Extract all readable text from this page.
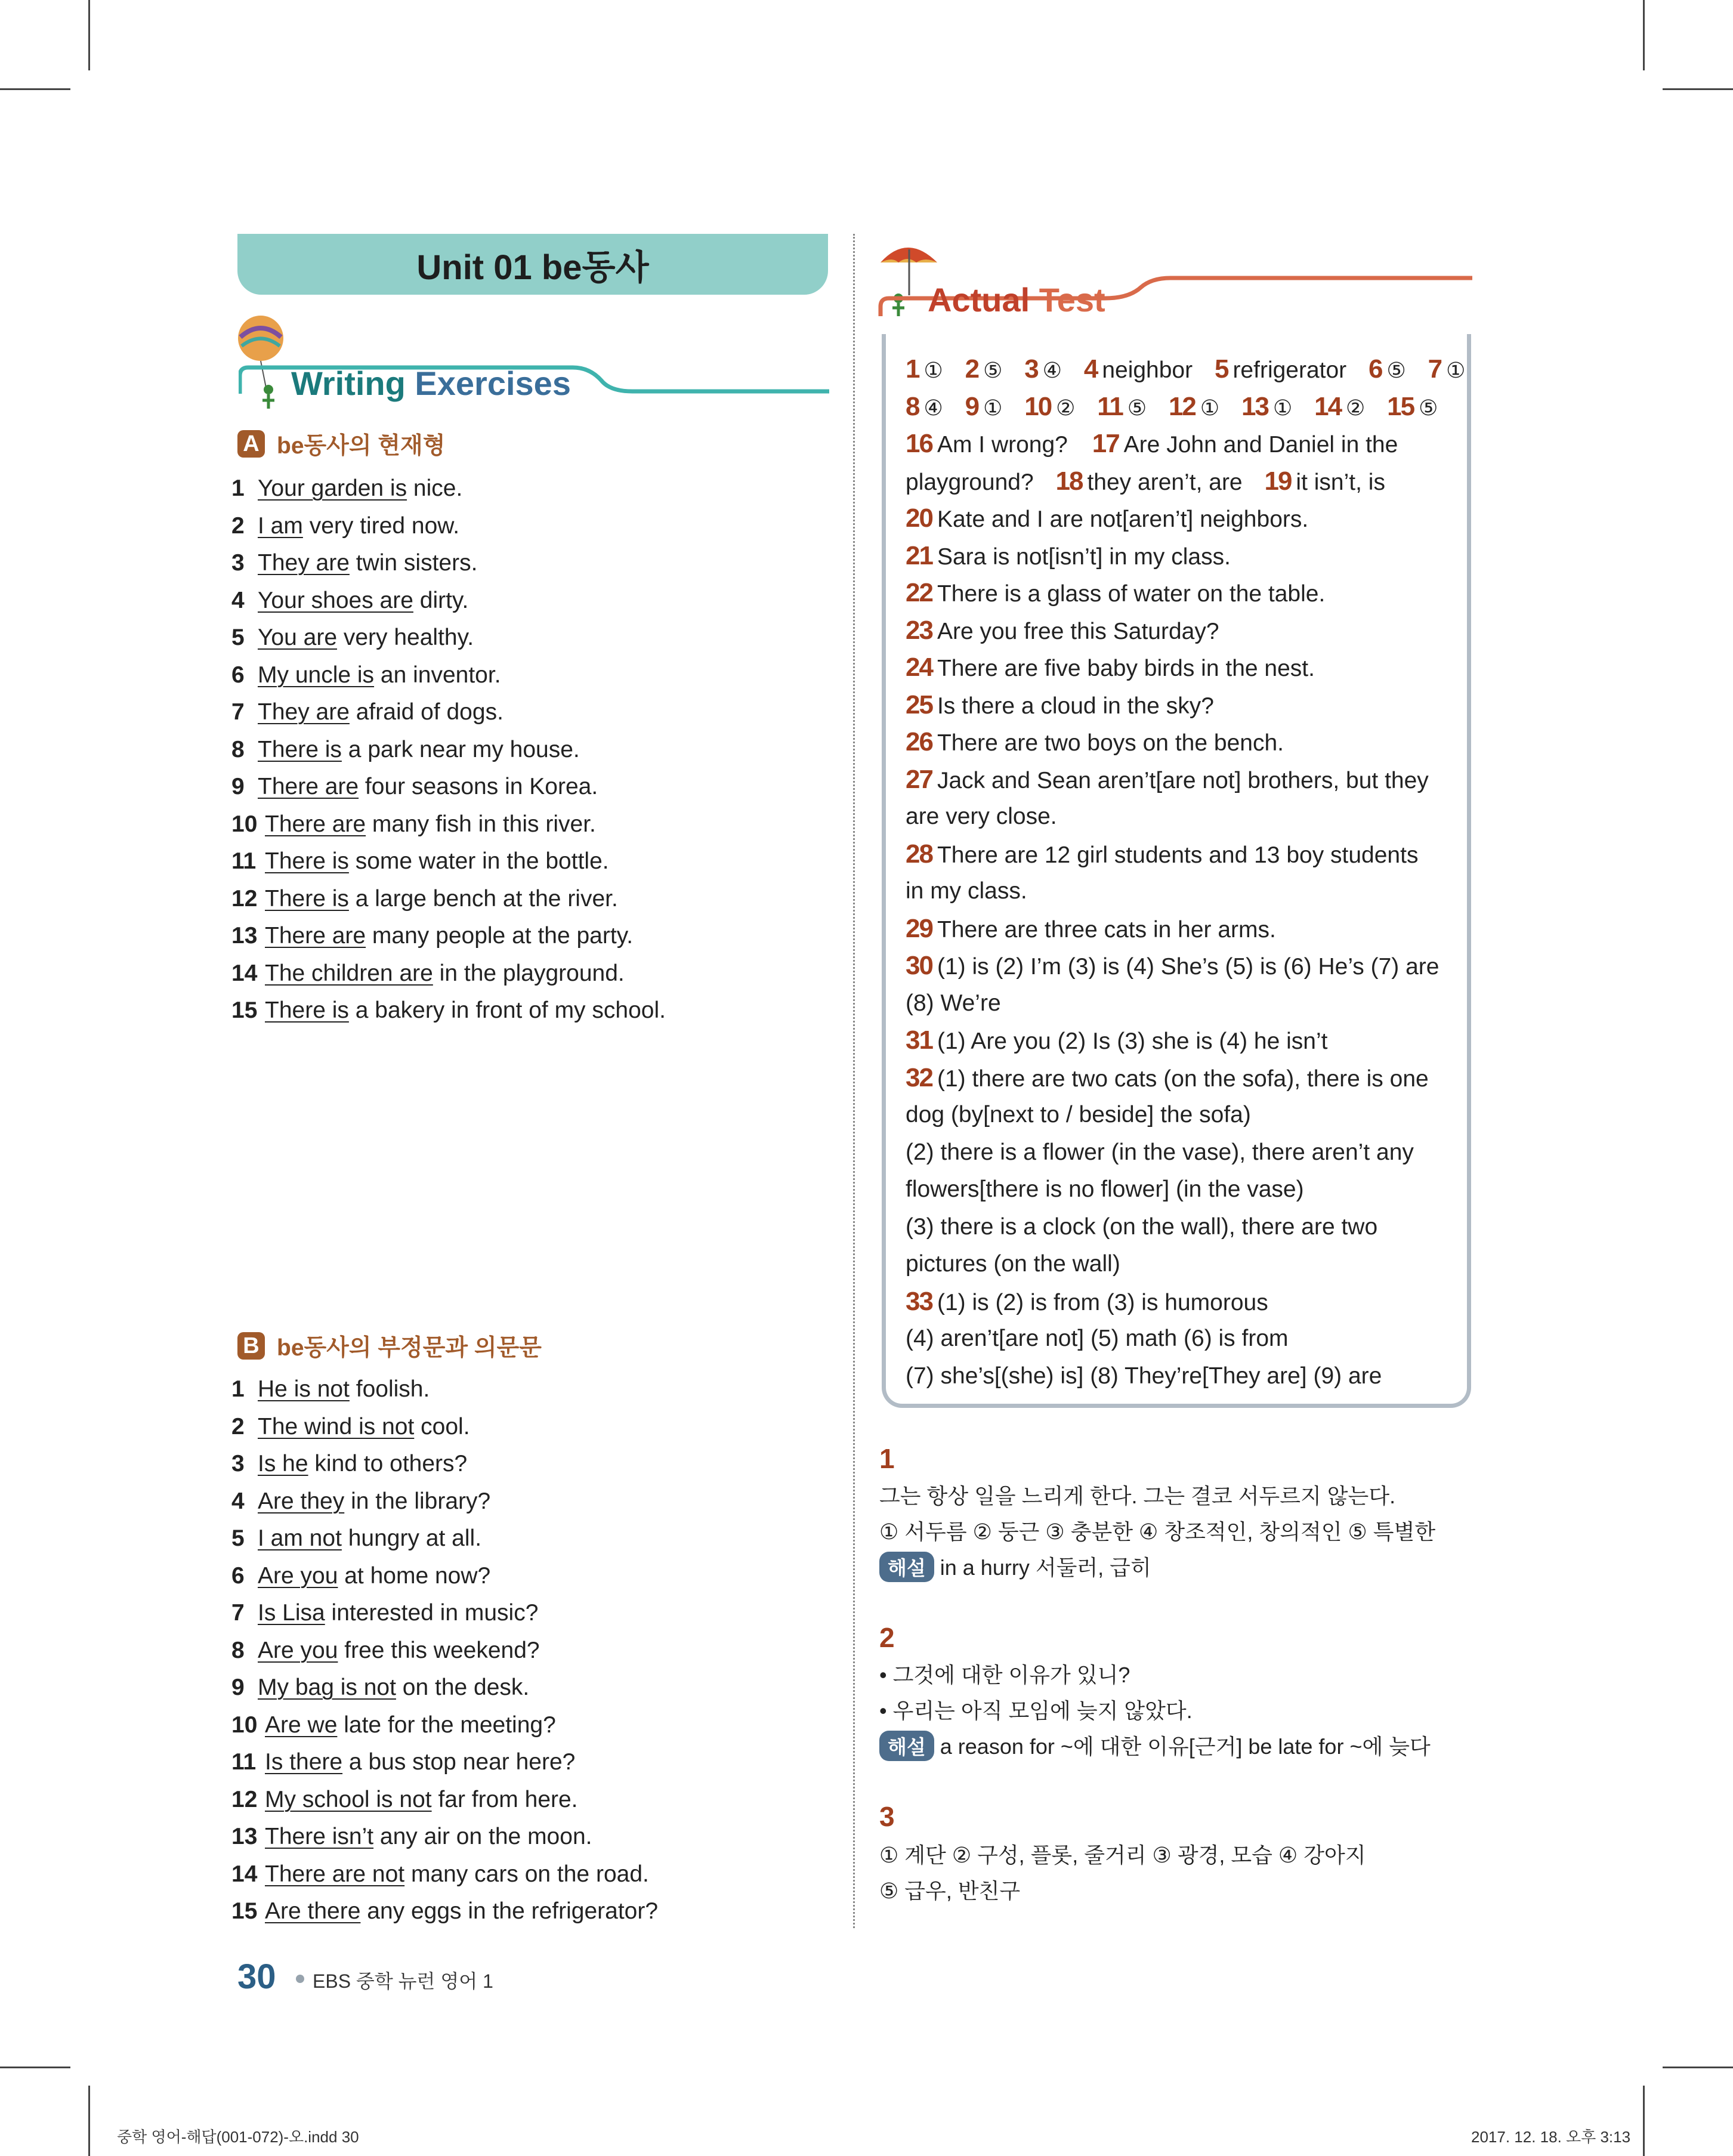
Unit 01 be동사
Writing Exercises
A be동사의 현재형
1 Your garden is nice.
2 I am very tired now.
3 They are twin sisters.
4 Your shoes are dirty.
5 You are very healthy.
6 My uncle is an inventor.
7 They are afraid of dogs.
8 There is a park near my house.
9 There are four seasons in Korea.
10 There are many fish in this river.
11 There is some water in the bottle.
12 There is a large bench at the river.
13 There are many people at the party.
14 The children are in the playground.
15 There is a bakery in front of my school.
B be동사의 부정문과 의문문
1 He is not foolish.
2 The wind is not cool.
3 Is he kind to others?
4 Are they in the library?
5 I am not hungry at all.
6 Are you at home now?
7 Is Lisa interested in music?
8 Are you free this weekend?
9 My bag is not on the desk.
10 Are we late for the meeting?
11 Is there a bus stop near here?
12 My school is not far from here.
13 There isn’t any air on the moon.
14 There are not many cars on the road.
15 Are there any eggs in the refrigerator?
Actual Test
1 ① 2 ⑤ 3 ④ 4 neighbor 5 refrigerator 6 ⑤ 7 ①
8 ④ 9 ① 10 ② 11 ⑤ 12 ① 13 ① 14 ② 15 ⑤
16 Am I wrong? 17 Are John and Daniel in the
playground? 18 they aren’t, are 19 it isn’t, is
20 Kate and I are not[aren’t] neighbors.
21 Sara is not[isn’t] in my class.
22 There is a glass of water on the table.
23 Are you free this Saturday?
24 There are five baby birds in the nest.
25 Is there a cloud in the sky?
26 There are two boys on the bench.
27 Jack and Sean aren’t[are not] brothers, but they
are very close.
28 There are 12 girl students and 13 boy students
in my class.
29 There are three cats in her arms.
30 (1) is (2) I’m (3) is (4) She’s (5) is (6) He’s (7) are
(8) We’re
31 (1) Are you (2) Is (3) she is (4) he isn’t
32 (1) there are two cats (on the sofa), there is one
dog (by[next to / beside] the sofa)
(2) there is a flower (in the vase), there aren’t any
flowers[there is no flower] (in the vase)
(3) there is a clock (on the wall), there are two
pictures (on the wall)
33 (1) is (2) is from (3) is humorous
(4) aren’t[are not] (5) math (6) is from
(7) she’s[(she) is] (8) They’re[They are] (9) are
1
그는 항상 일을 느리게 한다. 그는 결코 서두르지 않는다.
① 서두름 ② 둥근 ③ 충분한 ④ 창조적인, 창의적인 ⑤ 특별한
해설 in a hurry 서둘러, 급히
2
• 그것에 대한 이유가 있니?
• 우리는 아직 모임에 늦지 않았다.
해설 a reason for ~에 대한 이유[근거] be late for ~에 늦다
3
① 계단 ② 구성, 플롯, 줄거리 ③ 광경, 모습 ④ 강아지
⑤ 급우, 반친구
30 EBS 중학 뉴런 영어 1
중학 영어-해답(001-072)-오.indd 30	2017. 12. 18. 오후 3:13
